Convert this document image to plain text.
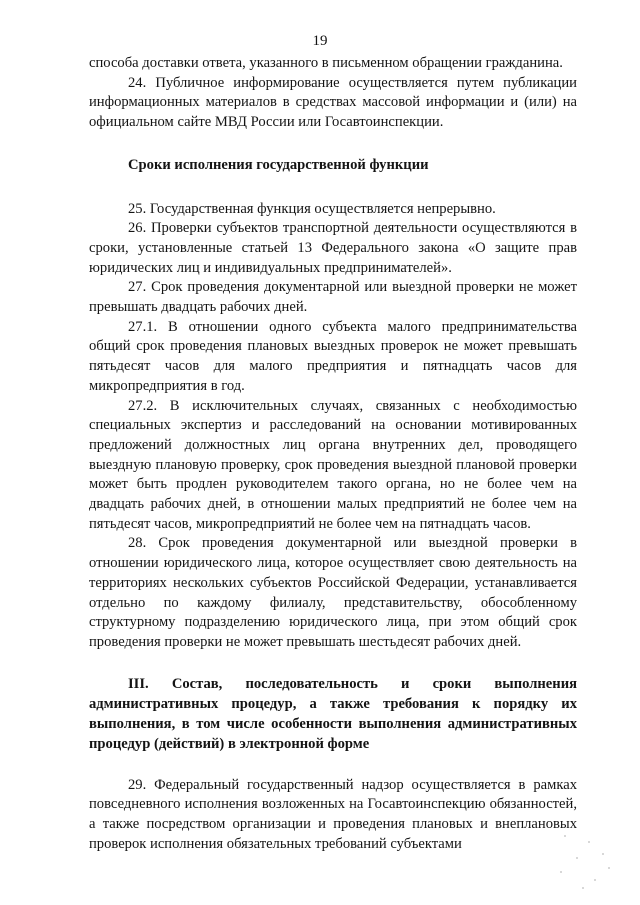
19

способа доставки ответа, указанного в письменном обращении гражданина.

24. Публичное информирование осуществляется путем публикации информационных материалов в средствах массовой информации и (или) на официальном сайте МВД России или Госавтоинспекции.

Сроки исполнения государственной функции

25. Государственная функция осуществляется непрерывно.

26. Проверки субъектов транспортной деятельности осуществляются в сроки, установленные статьей 13 Федерального закона «О защите прав юридических лиц и индивидуальных предпринимателей».

27. Срок проведения документарной или выездной проверки не может превышать двадцать рабочих дней.

27.1. В отношении одного субъекта малого предпринимательства общий срок проведения плановых выездных проверок не может превышать пятьдесят часов для малого предприятия и пятнадцать часов для микропредприятия в год.

27.2. В исключительных случаях, связанных с необходимостью специальных экспертиз и расследований на основании мотивированных предложений должностных лиц органа внутренних дел, проводящего выездную плановую проверку, срок проведения выездной плановой проверки может быть продлен руководителем такого органа, но не более чем на двадцать рабочих дней, в отношении малых предприятий не более чем на пятьдесят часов, микропредприятий не более чем на пятнадцать часов.

28. Срок проведения документарной или выездной проверки в отношении юридического лица, которое осуществляет свою деятельность на территориях нескольких субъектов Российской Федерации, устанавливается отдельно по каждому филиалу, представительству, обособленному структурному подразделению юридического лица, при этом общий срок проведения проверки не может превышать шестьдесят рабочих дней.

III. Состав, последовательность и сроки выполнения административных процедур, а также требования к порядку их выполнения, в том числе особенности выполнения административных процедур (действий) в электронной форме

29. Федеральный государственный надзор осуществляется в рамках повседневного исполнения возложенных на Госавтоинспекцию обязанностей, а также посредством организации и проведения плановых и внеплановых проверок исполнения обязательных требований субъектами
